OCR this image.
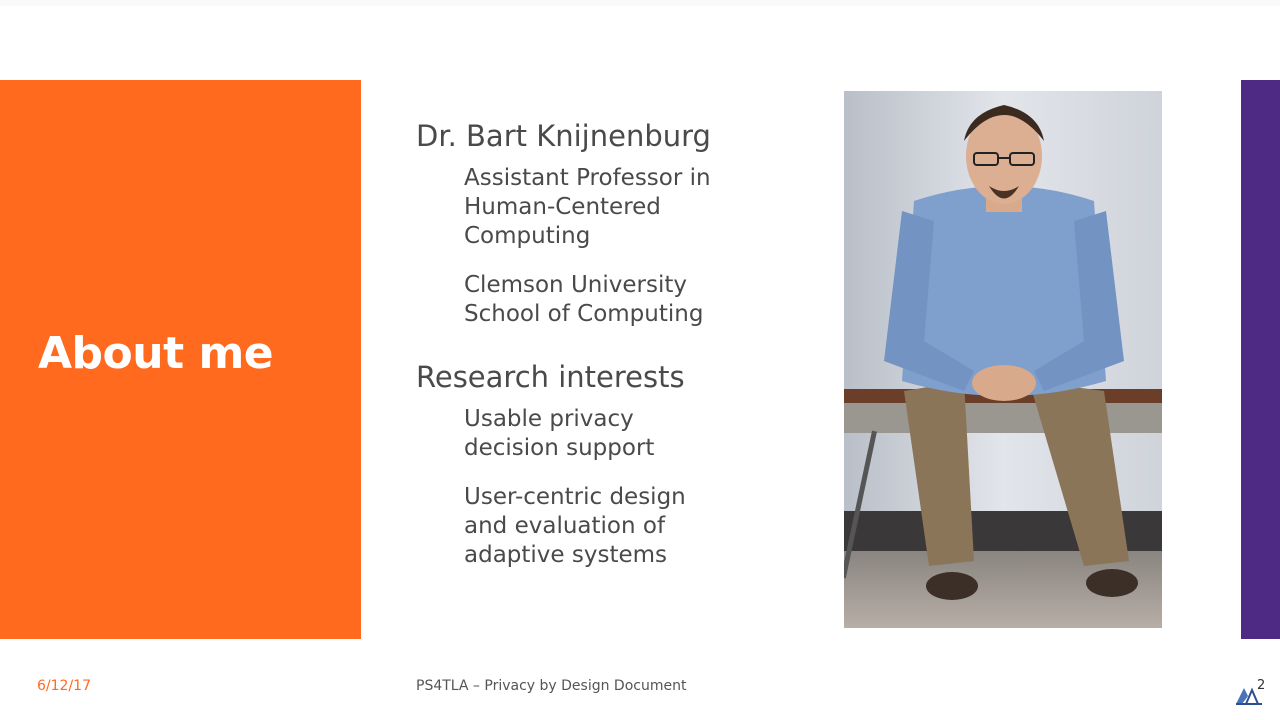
About me
Dr. Bart Knijnenburg
Assistant Professor in
Human-Centered
Computing
Clemson University
School of Computing
Research interests
Usable privacy
decision support
User-centric design
and evaluation of
adaptive systems
6/12/17	PS4TLA – Privacy by Design Document	2
